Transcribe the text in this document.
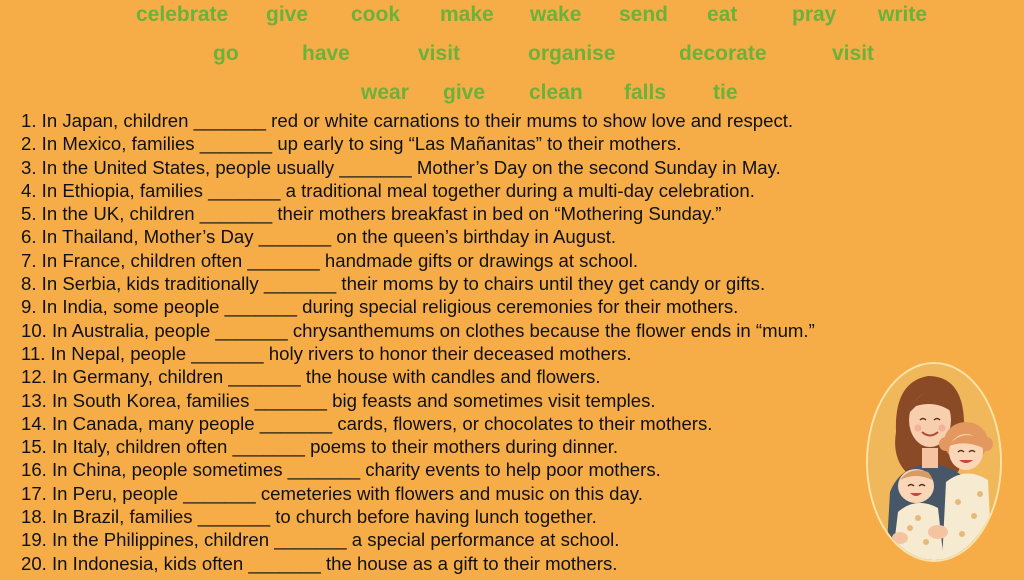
celebrate give cook make wake send eat	pray write
go	have	visit	organise	decorate	visit
wear give clean falls tie
1. In Japan, children _______ red or white carnations to their mums to show love and respect.
2. In Mexico, families _______ up early to sing “Las Mañanitas” to their mothers.
3. In the United States, people usually _______ Mother’s Day on the second Sunday in May.
4. In Ethiopia, families _______ a traditional meal together during a multi-day celebration.
5. In the UK, children _______ their mothers breakfast in bed on “Mothering Sunday.”
6. In Thailand, Mother’s Day _______ on the queen’s birthday in August.
7. In France, children often _______ handmade gifts or drawings at school.
8. In Serbia, kids traditionally _______ their moms by to chairs until they get candy or gifts.
9. In India, some people _______ during special religious ceremonies for their mothers.
10. In Australia, people _______ chrysanthemums on clothes because the flower ends in “mum.”
11. In Nepal, people _______ holy rivers to honor their deceased mothers.
12. In Germany, children _______ the house with candles and flowers.
13. In South Korea, families _______ big feasts and sometimes visit temples.
14. In Canada, many people _______ cards, flowers, or chocolates to their mothers.
15. In Italy, children often _______ poems to their mothers during dinner.
16. In China, people sometimes _______ charity events to help poor mothers.
17. In Peru, people _______ cemeteries with flowers and music on this day.
18. In Brazil, families _______ to church before having lunch together.
19. In the Philippines, children _______ a special performance at school.
20. In Indonesia, kids often _______ the house as a gift to their mothers.
